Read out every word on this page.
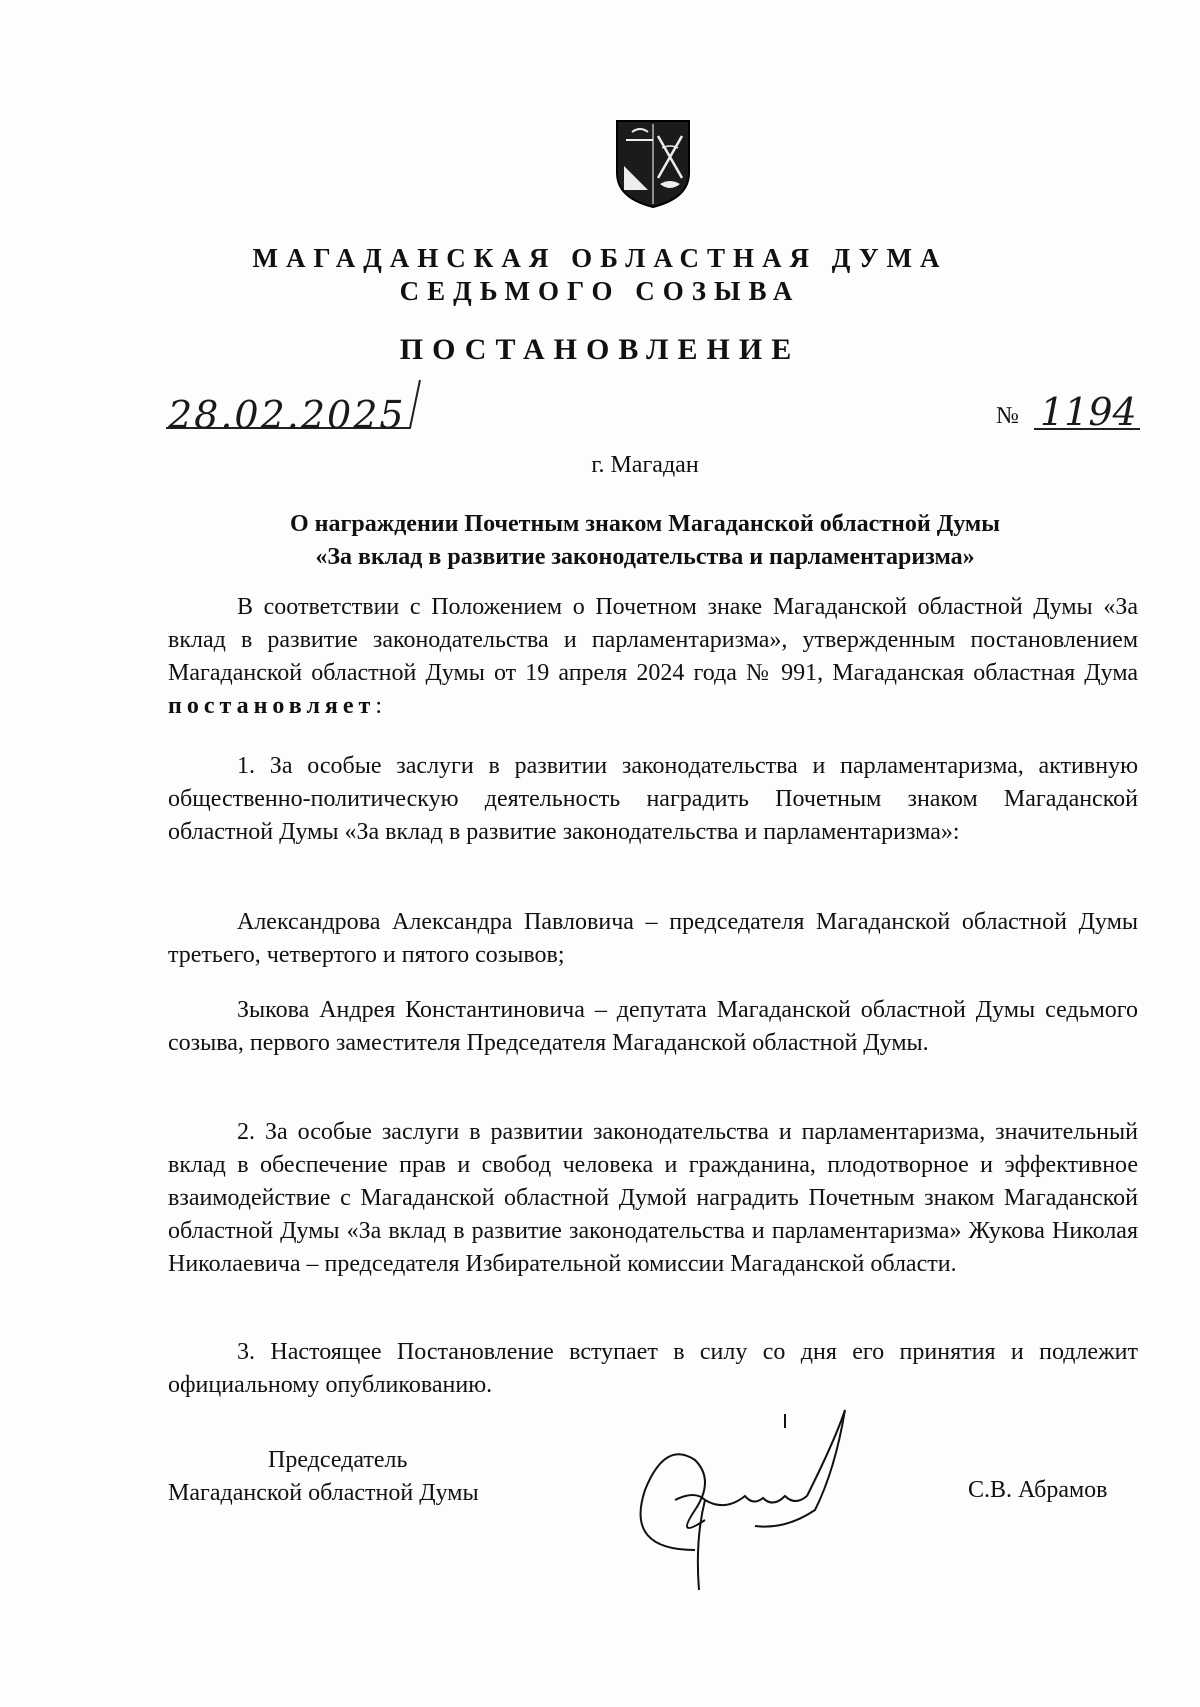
МАГАДАНСКАЯ ОБЛАСТНАЯ ДУМА
СЕДЬМОГО СОЗЫВА
ПОСТАНОВЛЕНИЕ
28.02.2025	№ 1194
г. Магадан
О награждении Почетным знаком Магаданской областной Думы
«За вклад в развитие законодательства и парламентаризма»
В соответствии с Положением о Почетном знаке Магаданской областной Думы «За вклад в развитие законодательства и парламентаризма», утвержденным постановлением Магаданской областной Думы от 19 апреля 2024 года № 991, Магаданская областная Дума постановляет:
1. За особые заслуги в развитии законодательства и парламентаризма, активную общественно-политическую деятельность наградить Почетным знаком Магаданской областной Думы «За вклад в развитие законодательства и парламентаризма»:
Александрова Александра Павловича – председателя Магаданской областной Думы третьего, четвертого и пятого созывов;
Зыкова Андрея Константиновича – депутата Магаданской областной Думы седьмого созыва, первого заместителя Председателя Магаданской областной Думы.
2. За особые заслуги в развитии законодательства и парламентаризма, значительный вклад в обеспечение прав и свобод человека и гражданина, плодотворное и эффективное взаимодействие с Магаданской областной Думой наградить Почетным знаком Магаданской областной Думы «За вклад в развитие законодательства и парламентаризма» Жукова Николая Николаевича – председателя Избирательной комиссии Магаданской области.
3. Настоящее Постановление вступает в силу со дня его принятия и подлежит официальному опубликованию.
Председатель
Магаданской областной Думы	С.В. Абрамов
